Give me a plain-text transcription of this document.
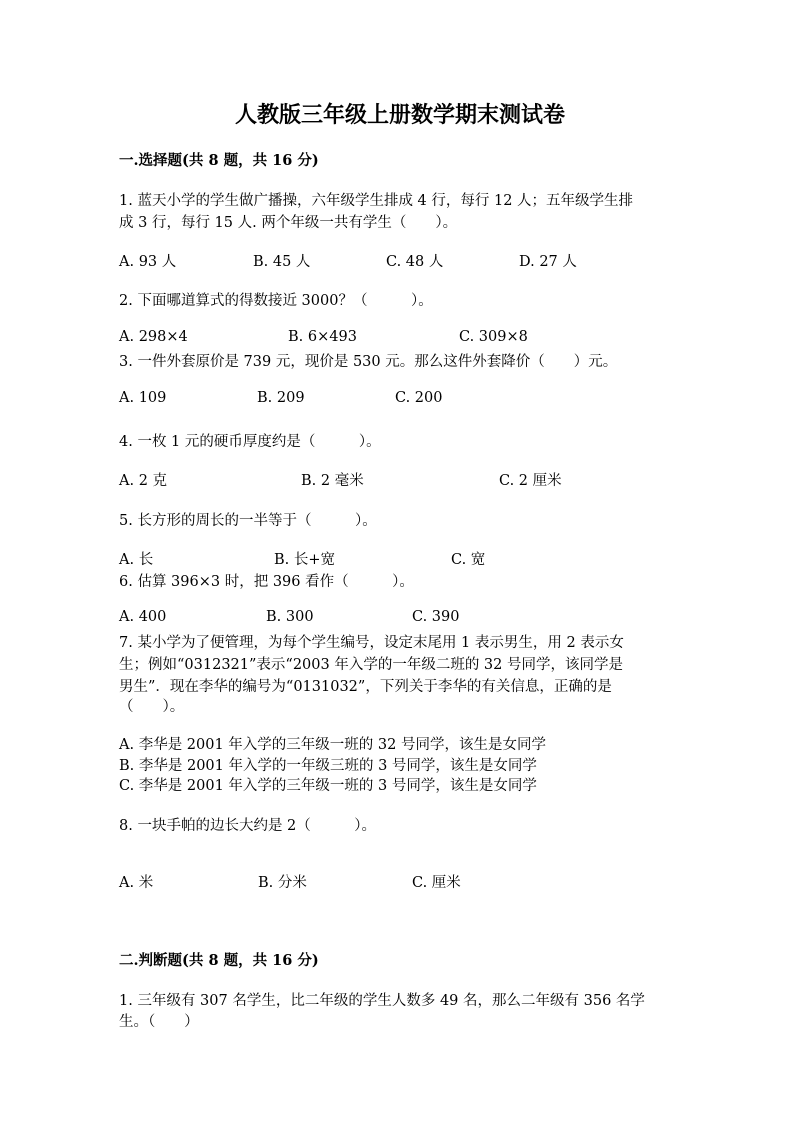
人教版三年级上册数学期末测试卷
一.选择题(共 8 题，共 16 分)
1. 蓝天小学的学生做广播操，六年级学生排成 4 行，每行 12 人；五年级学生排
成 3 行，每行 15 人. 两个年级一共有学生（　　）。
A. 93 人	B. 45 人	C. 48 人	D. 27 人
2. 下面哪道算式的得数接近 3000？（　　　）。
A. 298×4	B. 6×493	C. 309×8
3. 一件外套原价是 739 元，现价是 530 元。那么这件外套降价（　　）元。
A. 109	B. 209	C. 200
4. 一枚 1 元的硬币厚度约是（　　　）。
A. 2 克	B. 2 毫米	C. 2 厘米
5. 长方形的周长的一半等于（　　　）。
A. 长	B. 长+宽	C. 宽
6. 估算 396×3 时，把 396 看作（　　　）。
A. 400	B. 300	C. 390
7. 某小学为了便管理，为每个学生编号，设定末尾用 1 表示男生，用 2 表示女
生；例如“0312321”表示“2003 年入学的一年级二班的 32 号同学，该同学是
男生”．现在李华的编号为“0131032”，下列关于李华的有关信息，正确的是
（　　）。
A. 李华是 2001 年入学的三年级一班的 32 号同学，该生是女同学
B. 李华是 2001 年入学的一年级三班的 3 号同学，该生是女同学
C. 李华是 2001 年入学的三年级一班的 3 号同学，该生是女同学
8. 一块手帕的边长大约是 2（　　　）。
A. 米	B. 分米	C. 厘米
二.判断题(共 8 题，共 16 分)
1. 三年级有 307 名学生，比二年级的学生人数多 49 名，那么二年级有 356 名学
生。（　　）
